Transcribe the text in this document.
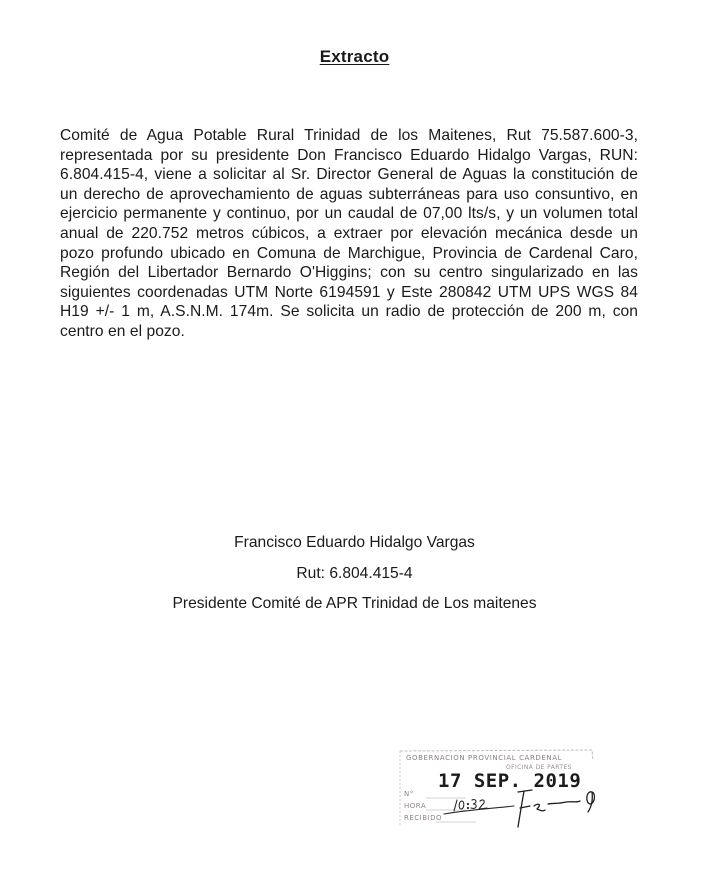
Extracto

Comité de Agua Potable Rural Trinidad de los Maitenes, Rut 75.587.600-3, representada por su presidente Don Francisco Eduardo Hidalgo Vargas, RUN: 6.804.415-4, viene a solicitar al Sr. Director General de Aguas la constitución de un derecho de aprovechamiento de aguas subterráneas para uso consuntivo, en ejercicio permanente y continuo, por un caudal de 07,00 lts/s, y un volumen total anual de 220.752 metros cúbicos, a extraer por elevación mecánica desde un pozo profundo ubicado en Comuna de Marchigue, Provincia de Cardenal Caro, Región del Libertador Bernardo O'Higgins; con su centro singularizado en las siguientes coordenadas UTM Norte 6194591 y Este 280842 UTM UPS WGS 84 H19 +/- 1 m, A.S.N.M. 174m. Se solicita un radio de protección de 200 m, con centro en el pozo.

Francisco Eduardo Hidalgo Vargas
Rut: 6.804.415-4
Presidente Comité de APR Trinidad de Los maitenes
GOBERNACION PROVINCIAL CARDENAL
OFICINA DE PARTES
17 SEP. 2019
N°
HORA
RECIBIDO
